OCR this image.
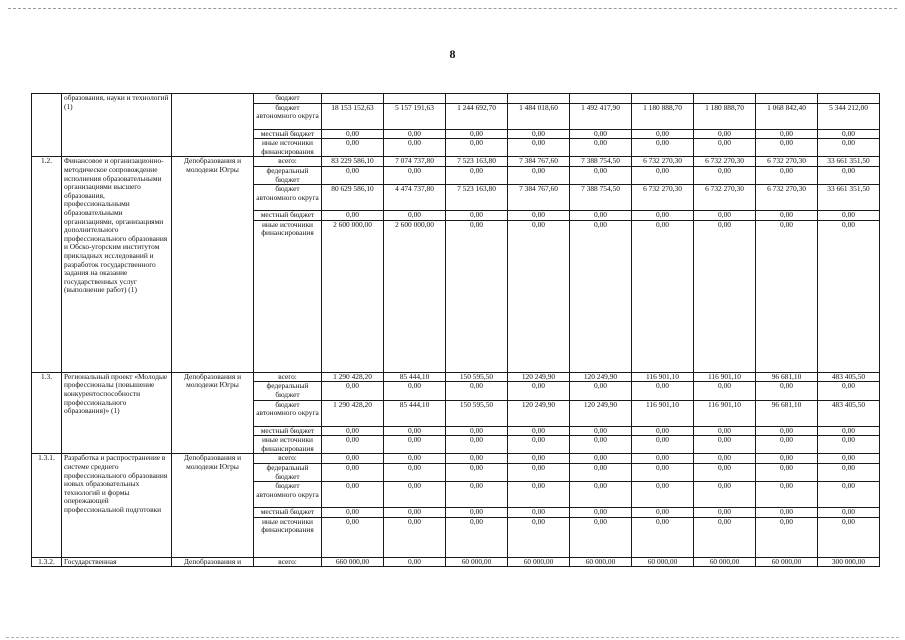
8
	образования, науки и технологий (1)		бюджет									
			бюджет автономного округа	18 153 152,63	5 157 191,63	1 244 692,70	1 484 018,60	1 492 417,90	1 180 888,70	1 180 888,70	1 068 842,40	5 344 212,00
			местный бюджет	0,00	0,00	0,00	0,00	0,00	0,00	0,00	0,00	0,00
			иные источники финансирования	0,00	0,00	0,00	0,00	0,00	0,00	0,00	0,00	0,00
1.2.	Финансовое и организационно-методическое сопровождение исполнения образовательными организациями высшего образования, профессиональными образовательными организациями, организациями дополнительного профессионального образования и Обско-угорским институтом прикладных исследований и разработок государственного задания на оказание государственных услуг (выполнение работ) (1)	Депобразования и молодежи Югры	всего:	83 229 586,10	7 074 737,80	7 523 163,80	7 384 767,60	7 388 754,50	6 732 270,30	6 732 270,30	6 732 270,30	33 661 351,50
			федеральный бюджет	0,00	0,00	0,00	0,00	0,00	0,00	0,00	0,00	0,00
			бюджет автономного округа	80 629 586,10	4 474 737,80	7 523 163,80	7 384 767,60	7 388 754,50	6 732 270,30	6 732 270,30	6 732 270,30	33 661 351,50
			местный бюджет	0,00	0,00	0,00	0,00	0,00	0,00	0,00	0,00	0,00
			иные источники финансирования	2 600 000,00	2 600 000,00	0,00	0,00	0,00	0,00	0,00	0,00	0,00
1.3.	Региональный проект «Молодые профессионалы (повышение конкурентоспособности профессионального образования)» (1)	Депобразования и молодежи Югры	всего:	1 290 428,20	85 444,10	150 595,50	120 249,90	120 249,90	116 901,10	116 901,10	96 681,10	483 405,50
			федеральный бюджет	0,00	0,00	0,00	0,00	0,00	0,00	0,00	0,00	0,00
			бюджет автономного округа	1 290 428,20	85 444,10	150 595,50	120 249,90	120 249,90	116 901,10	116 901,10	96 681,10	483 405,50
			местный бюджет	0,00	0,00	0,00	0,00	0,00	0,00	0,00	0,00	0,00
			иные источники финансирования	0,00	0,00	0,00	0,00	0,00	0,00	0,00	0,00	0,00
1.3.1.	Разработка и распространение в системе среднего профессионального образования новых образовательных технологий и формы опережающей профессиональной подготовки	Депобразования и молодежи Югры	всего:	0,00	0,00	0,00	0,00	0,00	0,00	0,00	0,00	0,00
			федеральный бюджет	0,00	0,00	0,00	0,00	0,00	0,00	0,00	0,00	0,00
			бюджет автономного округа	0,00	0,00	0,00	0,00	0,00	0,00	0,00	0,00	0,00
			местный бюджет	0,00	0,00	0,00	0,00	0,00	0,00	0,00	0,00	0,00
			иные источники финансирования	0,00	0,00	0,00	0,00	0,00	0,00	0,00	0,00	0,00
1.3.2.	Государственная	Депобразования и	всего:	660 000,00	0,00	60 000,00	60 000,00	60 000,00	60 000,00	60 000,00	60 000,00	300 000,00
